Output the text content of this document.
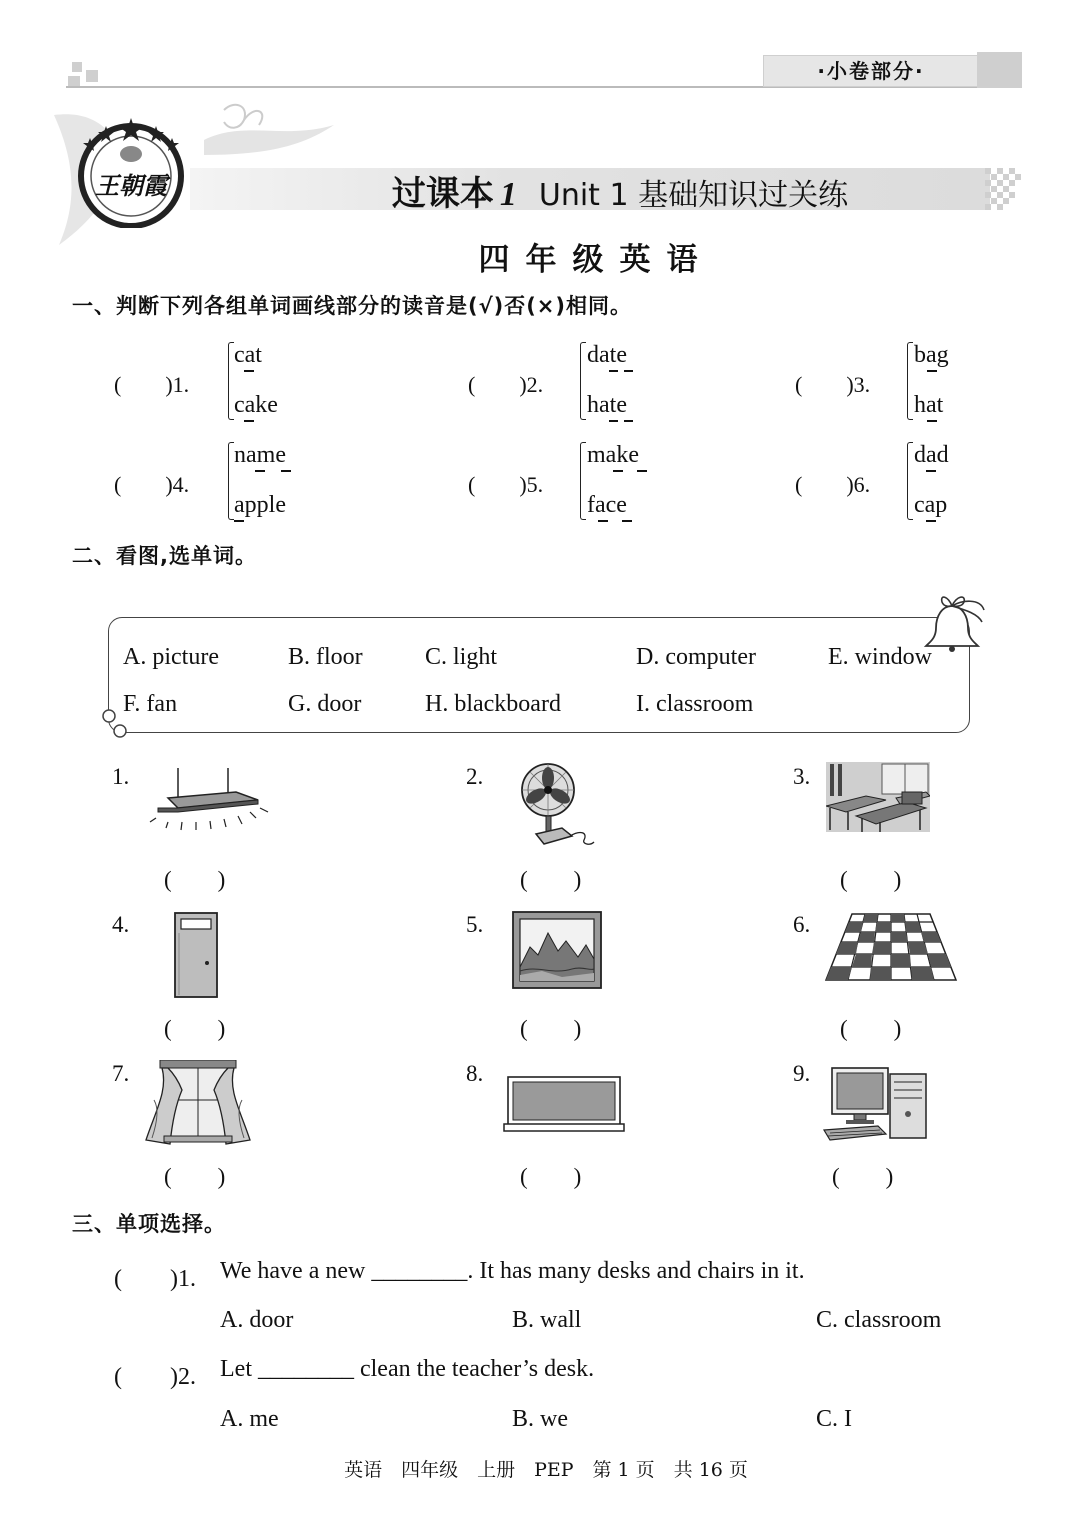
·小卷部分·
王朝霞	过课本 1 Unit 1 基础知识过关练
四年级英语
一、判断下列各组单词画线部分的读音是(√)否(×)相同。
(　　)1.
cat
cake
(　　)2.
date
hate
(　　)3.
bag
hat
(　　)4.
name
apple
(　　)5.
make
face
(　　)6.
dad
cap
二、看图,选单词。
A. picture	B. floor	C. light	D. computer	E. window
F. fan	G. door	H. blackboard	I. classroom
1.	2.	3.
4.	5.	6.
7.	8.	9.
(　　)	(　　)	(　　)
(　　)	(　　)	(　　)
(　　)	(　　)	(　　)
三、单项选择。
(　　)1. We have a new ________. It has many desks and chairs in it.
A. door	B. wall	C. classroom
(　　)2. Let ________ clean the teacher’s desk.
A. me	B. we	C. I
英语　四年级　上册　PEP　第 1 页　共 16 页
